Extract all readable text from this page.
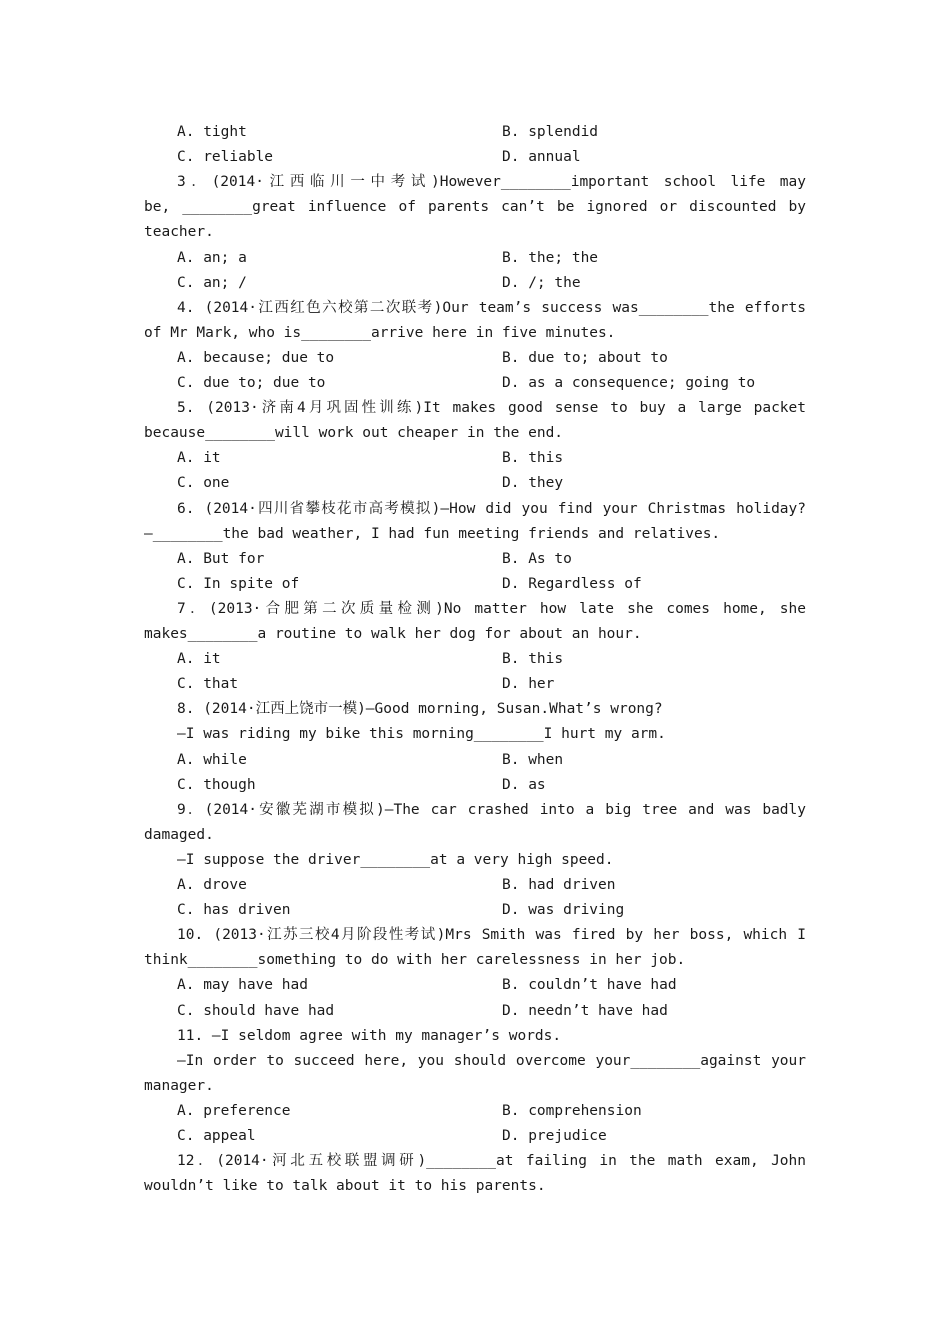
A. tight	B. splendid
C. reliable	D. annual
3．(2014·江西临川一中考试)However________important school life may
be, ________great influence of parents can’t be ignored or discounted by
teacher.
A. an; a	B. the; the
C. an; /	D. /; the
4. (2014·江西红色六校第二次联考)Our team’s success was________the efforts
of Mr Mark, who is________arrive here in five minutes.
A. because; due to	B. due to; about to
C. due to; due to	D. as a consequence; going to
5. (2013·济南4月巩固性训练)It makes good sense to buy a large packet
because________will work out cheaper in the end.
A. it	B. this
C. one	D. they
6. (2014·四川省攀枝花市高考模拟)—How did you find your Christmas holiday?
—________the bad weather, I had fun meeting friends and relatives.
A. But for	B. As to
C. In spite of	D. Regardless of
7．(2013·合肥第二次质量检测)No matter how late she comes home, she
makes________a routine to walk her dog for about an hour.
A. it	B. this
C. that	D. her
8. (2014·江西上饶市一模)—Good morning, Susan.What’s wrong?
—I was riding my bike this morning________I hurt my arm.
A. while	B. when
C. though	D. as
9．(2014·安徽芜湖市模拟)—The car crashed into a big tree and was badly
damaged.
—I suppose the driver________at a very high speed.
A. drove	B. had driven
C. has driven	D. was driving
10. (2013·江苏三校4月阶段性考试)Mrs Smith was fired by her boss, which I
think________something to do with her carelessness in her job.
A. may have had	B. couldn’t have had
C. should have had	D. needn’t have had
11. —I seldom agree with my manager’s words.
—In order to succeed here, you should overcome your________against your
manager.
A. preference	B. comprehension
C. appeal	D. prejudice
12．(2014·河北五校联盟调研)________at failing in the math exam, John
wouldn’t like to talk about it to his parents.
